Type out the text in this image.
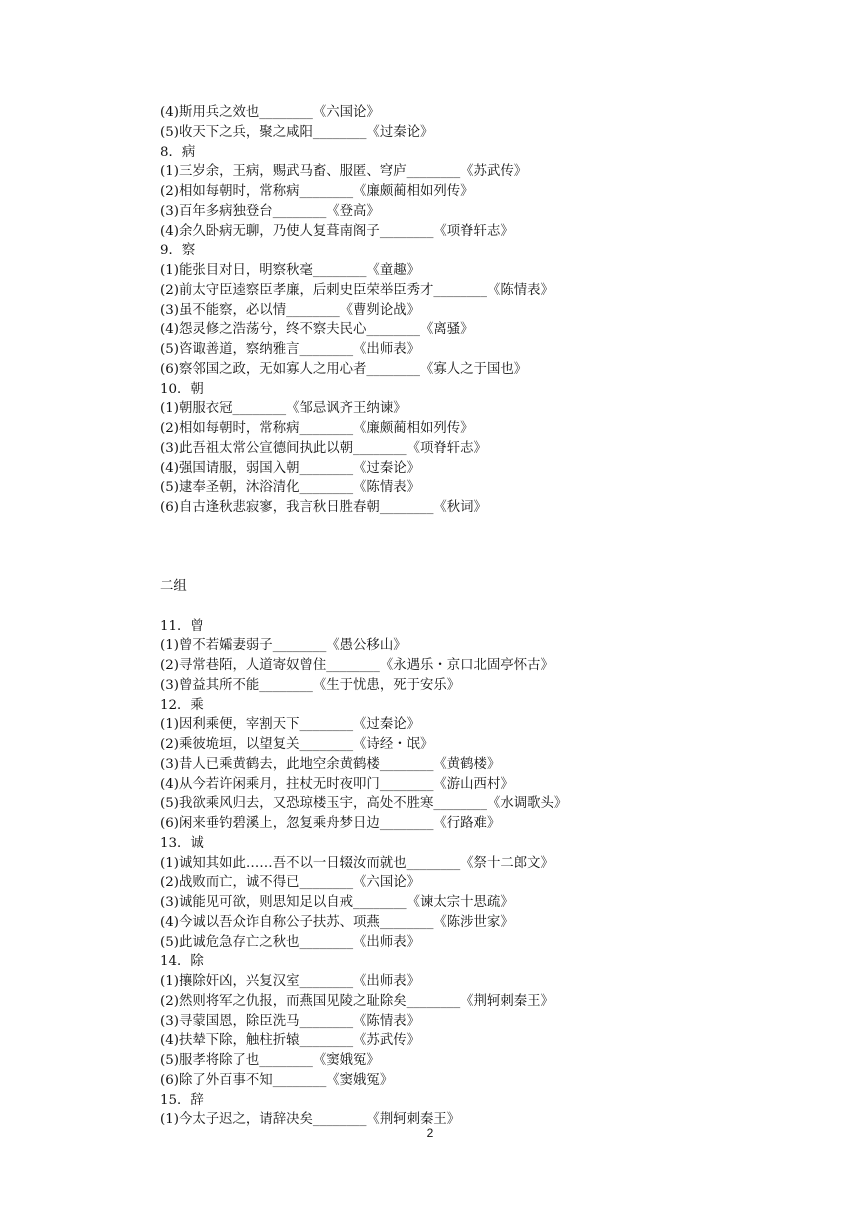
(4)斯用兵之效也________《六国论》
(5)收天下之兵，聚之咸阳________《过秦论》
8．病
(1)三岁余，王病，赐武马畜、服匿、穹庐________《苏武传》
(2)相如每朝时，常称病________《廉颇蔺相如列传》
(3)百年多病独登台________《登高》
(4)余久卧病无聊，乃使人复葺南阁子________《项脊轩志》
9．察
(1)能张目对日，明察秋毫________《童趣》
(2)前太守臣逵察臣孝廉，后刺史臣荣举臣秀才________《陈情表》
(3)虽不能察，必以情________《曹刿论战》
(4)怨灵修之浩荡兮，终不察夫民心________《离骚》
(5)咨诹善道，察纳雅言________《出师表》
(6)察邻国之政，无如寡人之用心者________《寡人之于国也》
10．朝
(1)朝服衣冠________《邹忌讽齐王纳谏》
(2)相如每朝时，常称病________《廉颇蔺相如列传》
(3)此吾祖太常公宣德间执此以朝________《项脊轩志》
(4)强国请服，弱国入朝________《过秦论》
(5)逮奉圣朝，沐浴清化________《陈情表》
(6)自古逢秋悲寂寥，我言秋日胜春朝________《秋词》
二组
11．曾
(1)曾不若孀妻弱子________《愚公移山》
(2)寻常巷陌，人道寄奴曾住________《永遇乐・京口北固亭怀古》
(3)曾益其所不能________《生于忧患，死于安乐》
12．乘
(1)因利乘便，宰割天下________《过秦论》
(2)乘彼垝垣，以望复关________《诗经・氓》
(3)昔人已乘黄鹤去，此地空余黄鹤楼________《黄鹤楼》
(4)从今若许闲乘月，拄杖无时夜叩门________《游山西村》
(5)我欲乘风归去，又恐琼楼玉宇，高处不胜寒________《水调歌头》
(6)闲来垂钓碧溪上，忽复乘舟梦日边________《行路难》
13．诚
(1)诚知其如此……吾不以一日辍汝而就也________《祭十二郎文》
(2)战败而亡，诚不得已________《六国论》
(3)诚能见可欲，则思知足以自戒________《谏太宗十思疏》
(4)今诚以吾众诈自称公子扶苏、项燕________《陈涉世家》
(5)此诚危急存亡之秋也________《出师表》
14．除
(1)攘除奸凶，兴复汉室________《出师表》
(2)然则将军之仇报，而燕国见陵之耻除矣________《荆轲刺秦王》
(3)寻蒙国恩，除臣洗马________《陈情表》
(4)扶辇下除，触柱折辕________《苏武传》
(5)服孝将除了也________《窦娥冤》
(6)除了外百事不知________《窦娥冤》
15．辞
(1)今太子迟之，请辞决矣________《荆轲刺秦王》
2
